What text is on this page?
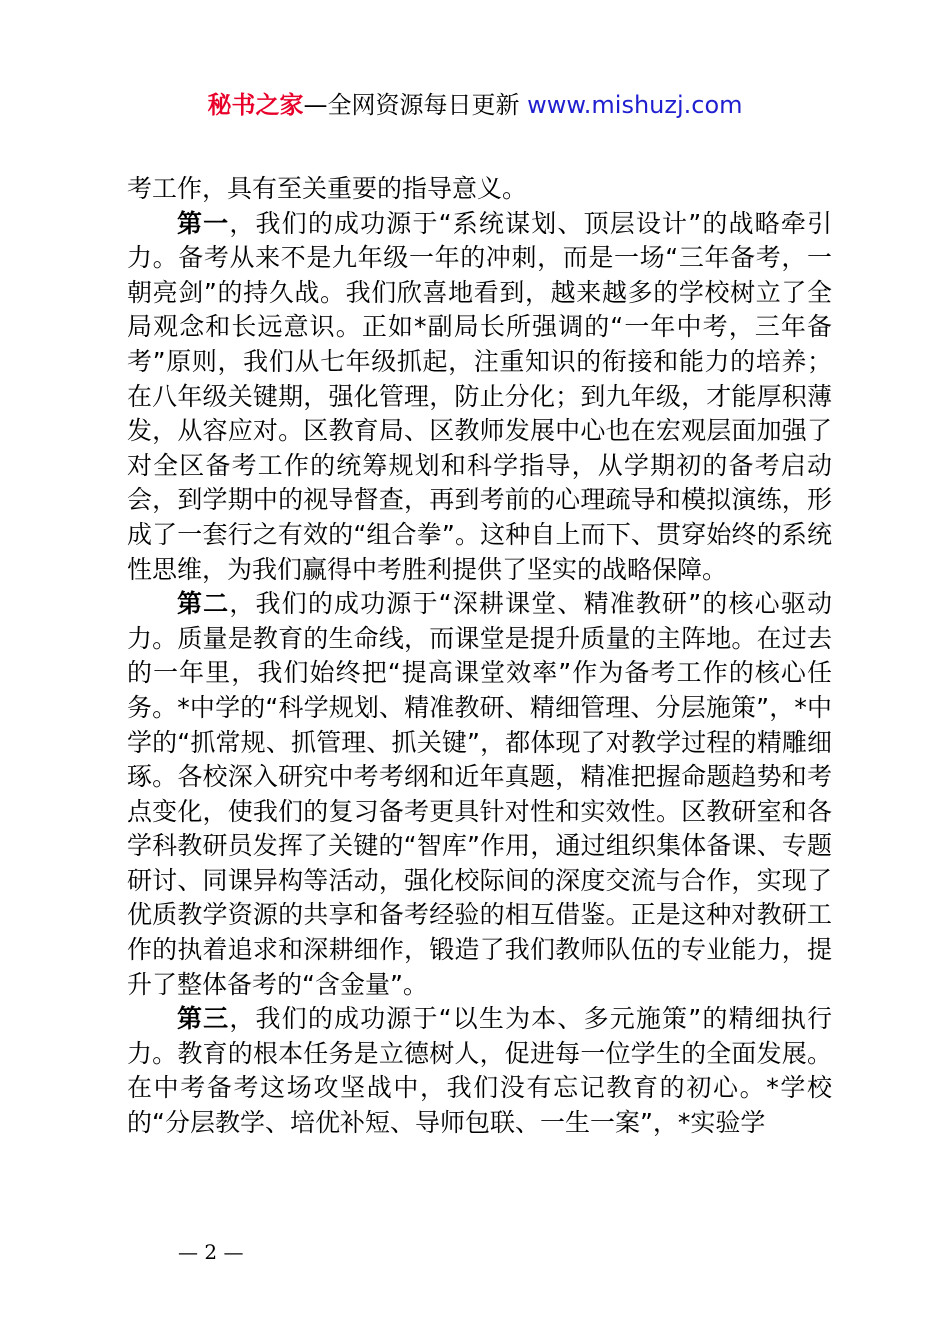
秘书之家—全网资源每日更新 www.mishuzj.com

考工作，具有至关重要的指导意义。

第一，我们的成功源于“系统谋划、顶层设计”的战略牵引力。备考从来不是九年级一年的冲刺，而是一场“三年备考，一朝亮剑”的持久战。我们欣喜地看到，越来越多的学校树立了全局观念和长远意识。正如*副局长所强调的“一年中考，三年备考”原则，我们从七年级抓起，注重知识的衔接和能力的培养；在八年级关键期，强化管理，防止分化；到九年级，才能厚积薄发，从容应对。区教育局、区教师发展中心也在宏观层面加强了对全区备考工作的统筹规划和科学指导，从学期初的备考启动会，到学期中的视导督查，再到考前的心理疏导和模拟演练，形成了一套行之有效的“组合拳”。这种自上而下、贯穿始终的系统性思维，为我们赢得中考胜利提供了坚实的战略保障。

第二，我们的成功源于“深耕课堂、精准教研”的核心驱动力。质量是教育的生命线，而课堂是提升质量的主阵地。在过去的一年里，我们始终把“提高课堂效率”作为备考工作的核心任务。*中学的“科学规划、精准教研、精细管理、分层施策”，*中学的“抓常规、抓管理、抓关键”，都体现了对教学过程的精雕细琢。各校深入研究中考考纲和近年真题，精准把握命题趋势和考点变化，使我们的复习备考更具针对性和实效性。区教研室和各学科教研员发挥了关键的“智库”作用，通过组织集体备课、专题研讨、同课异构等活动，强化校际间的深度交流与合作，实现了优质教学资源的共享和备考经验的相互借鉴。正是这种对教研工作的执着追求和深耕细作，锻造了我们教师队伍的专业能力，提升了整体备考的“含金量”。

第三，我们的成功源于“以生为本、多元施策”的精细执行力。教育的根本任务是立德树人，促进每一位学生的全面发展。在中考备考这场攻坚战中，我们没有忘记教育的初心。*学校的“分层教学、培优补短、导师包联、一生一案”，*实验学

— 2 —
